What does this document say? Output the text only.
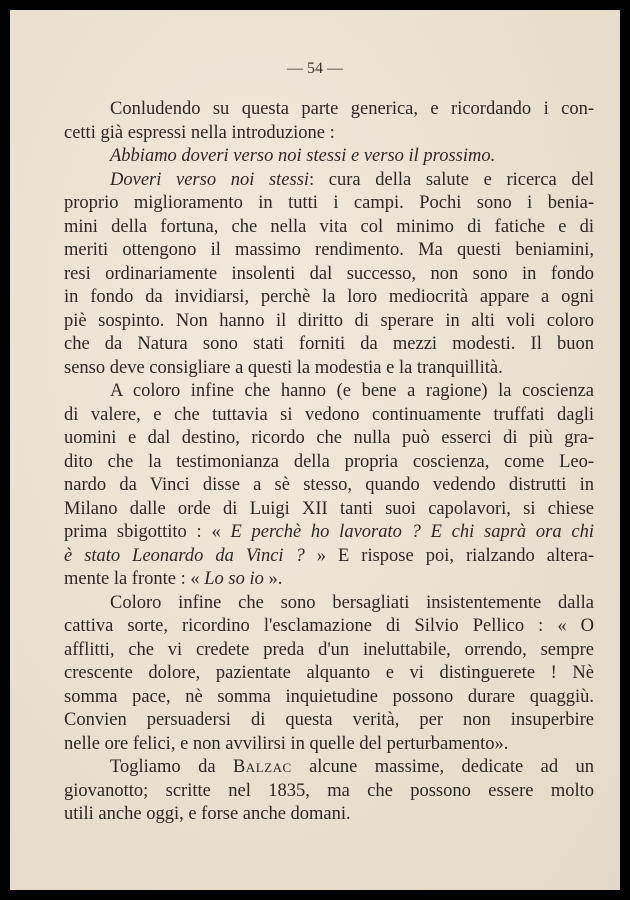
— 54 —
Conludendo su questa parte generica, e ricordando i con-
cetti già espressi nella introduzione :
Abbiamo doveri verso noi stessi e verso il prossimo.
Doveri verso noi stessi: cura della salute e ricerca del
proprio miglioramento in tutti i campi. Pochi sono i benia-
mini della fortuna, che nella vita col minimo di fatiche e di
meriti ottengono il massimo rendimento. Ma questi beniamini,
resi ordinariamente insolenti dal successo, non sono in fondo
in fondo da invidiarsi, perchè la loro mediocrità appare a ogni
piè sospinto. Non hanno il diritto di sperare in alti voli coloro
che da Natura sono stati forniti da mezzi modesti. Il buon
senso deve consigliare a questi la modestia e la tranquillità.
A coloro infine che hanno (e bene a ragione) la coscienza
di valere, e che tuttavia si vedono continuamente truffati dagli
uomini e dal destino, ricordo che nulla può esserci di più gra-
dito che la testimonianza della propria coscienza, come Leo-
nardo da Vinci disse a sè stesso, quando vedendo distrutti in
Milano dalle orde di Luigi XII tanti suoi capolavori, si chiese
prima sbigottito : « E perchè ho lavorato ? E chi saprà ora chi
è stato Leonardo da Vinci ? » E rispose poi, rialzando altera-
mente la fronte : « Lo so io ».
Coloro infine che sono bersagliati insistentemente dalla
cattiva sorte, ricordino l'esclamazione di Silvio Pellico : « O
afflitti, che vi credete preda d'un ineluttabile, orrendo, sempre
crescente dolore, pazientate alquanto e vi distinguerete ! Nè
somma pace, nè somma inquietudine possono durare quaggiù.
Convien persuadersi di questa verità, per non insuperbire
nelle ore felici, e non avvilirsi in quelle del perturbamento».
Togliamo da Balzac alcune massime, dedicate ad un
giovanotto; scritte nel 1835, ma che possono essere molto
utili anche oggi, e forse anche domani.
